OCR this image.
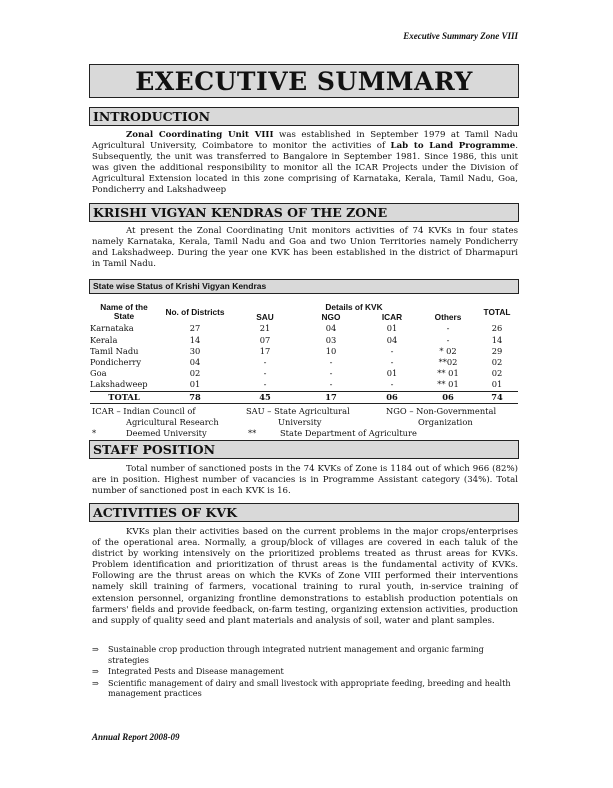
Executive Summary Zone VIII
EXECUTIVE SUMMARY
INTRODUCTION
Zonal Coordinating Unit VIII was established in September 1979 at Tamil Nadu Agricultural University, Coimbatore to monitor the activities of Lab to Land Programme. Subsequently, the unit was transferred to Bangalore in September 1981. Since 1986, this unit was given the additional responsibility to monitor all the ICAR Projects under the Division of Agricultural Extension located in this zone comprising of Karnataka, Kerala, Tamil Nadu, Goa, Pondicherry and Lakshadweep
KRISHI VIGYAN KENDRAS OF THE ZONE
At present the Zonal Coordinating Unit monitors activities of 74 KVKs in four states namely Karnataka, Kerala, Tamil Nadu and Goa and two Union Territories namely Pondicherry and Lakshadweep. During the year one KVK has been established in the district of Dharmapuri in Tamil Nadu.
State wise Status of Krishi Vigyan Kendras
Name of the State	No. of Districts	Details of KVK				TOTAL
		SAU	NGO	ICAR	Others	
Karnataka	27	21	04	01	-	26
Kerala	14	07	03	04	-	14
Tamil Nadu	30	17	10	-	* 02	29
Pondicherry	04	-	-	-	**02	02
Goa	02	-	-	01	** 01	02
Lakshadweep	01	-	-	-	** 01	01
TOTAL	78	45	17	06	06	74
ICAR – Indian Council of
Agricultural Research
*	Deemed University
SAU – State Agricultural
University
**	State Department of Agriculture
NGO – Non-Governmental
Organization
STAFF POSITION
Total number of sanctioned posts in the 74 KVKs of Zone is 1184 out of which 966 (82%) are in position. Highest number of vacancies is in Programme Assistant category (34%). Total number of sanctioned post in each KVK is 16.
ACTIVITIES OF KVK
KVKs plan their activities based on the current problems in the major crops/enterprises of the operational area. Normally, a group/block of villages are covered in each taluk of the district by working intensively on the prioritized problems treated as thrust areas for KVKs. Problem identification and prioritization of thrust areas is the fundamental activity of KVKs. Following are the thrust areas on which the KVKs of Zone VIII performed their interventions namely skill training of farmers, vocational training to rural youth, in-service training of extension personnel, organizing frontline demonstrations to establish production potentials on farmers' fields and provide feedback, on-farm testing, organizing extension activities, production and supply of quality seed and plant materials and analysis of soil, water and plant samples.
⇒ Sustainable crop production through integrated nutrient management and organic farming strategies
⇒ Integrated Pests and Disease management
⇒ Scientific management of dairy and small livestock with appropriate feeding, breeding and health management practices
Annual Report 2008-09
